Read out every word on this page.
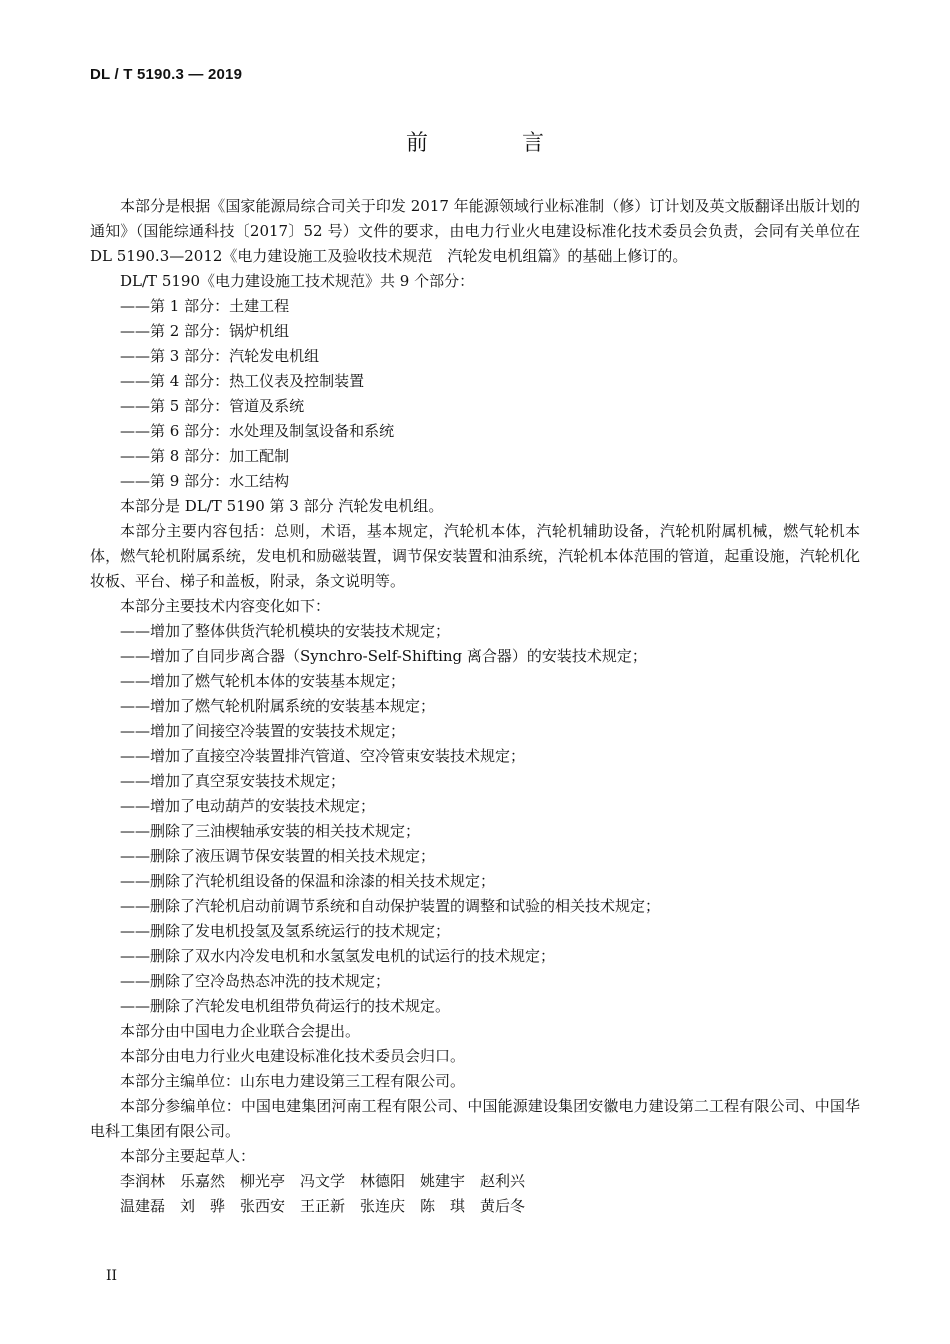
DL / T 5190.3 — 2019
前　言

本部分是根据《国家能源局综合司关于印发 2017 年能源领域行业标准制（修）订计划及英文版翻译出版计划的通知》（国能综通科技〔2017〕52 号）文件的要求，由电力行业火电建设标准化技术委员会负责，会同有关单位在 DL 5190.3—2012《电力建设施工及验收技术规范　汽轮发电机组篇》的基础上修订的。

DL/T 5190《电力建设施工技术规范》共 9 个部分：

——第 1 部分：土建工程

——第 2 部分：锅炉机组

——第 3 部分：汽轮发电机组

——第 4 部分：热工仪表及控制装置

——第 5 部分：管道及系统

——第 6 部分：水处理及制氢设备和系统

——第 8 部分：加工配制

——第 9 部分：水工结构

本部分是 DL/T 5190 第 3 部分 汽轮发电机组。

本部分主要内容包括：总则，术语，基本规定，汽轮机本体，汽轮机辅助设备，汽轮机附属机械，燃气轮机本体，燃气轮机附属系统，发电机和励磁装置，调节保安装置和油系统，汽轮机本体范围的管道，起重设施，汽轮机化妆板、平台、梯子和盖板，附录，条文说明等。

本部分主要技术内容变化如下：

——增加了整体供货汽轮机模块的安装技术规定；

——增加了自同步离合器（Synchro-Self-Shifting 离合器）的安装技术规定；

——增加了燃气轮机本体的安装基本规定；

——增加了燃气轮机附属系统的安装基本规定；

——增加了间接空冷装置的安装技术规定；

——增加了直接空冷装置排汽管道、空冷管束安装技术规定；

——增加了真空泵安装技术规定；

——增加了电动葫芦的安装技术规定；

——删除了三油楔轴承安装的相关技术规定；

——删除了液压调节保安装置的相关技术规定；

——删除了汽轮机组设备的保温和涂漆的相关技术规定；

——删除了汽轮机启动前调节系统和自动保护装置的调整和试验的相关技术规定；

——删除了发电机投氢及氢系统运行的技术规定；

——删除了双水内冷发电机和水氢氢发电机的试运行的技术规定；

——删除了空冷岛热态冲洗的技术规定；

——删除了汽轮发电机组带负荷运行的技术规定。

本部分由中国电力企业联合会提出。

本部分由电力行业火电建设标准化技术委员会归口。

本部分主编单位：山东电力建设第三工程有限公司。

本部分参编单位：中国电建集团河南工程有限公司、中国能源建设集团安徽电力建设第二工程有限公司、中国华电科工集团有限公司。

本部分主要起草人：

李润林　乐嘉然　柳光亭　冯文学　林德阳　姚建宇　赵利兴

温建磊　刘　骅　张西安　王正新　张连庆　陈　琪　黄后冬

II
